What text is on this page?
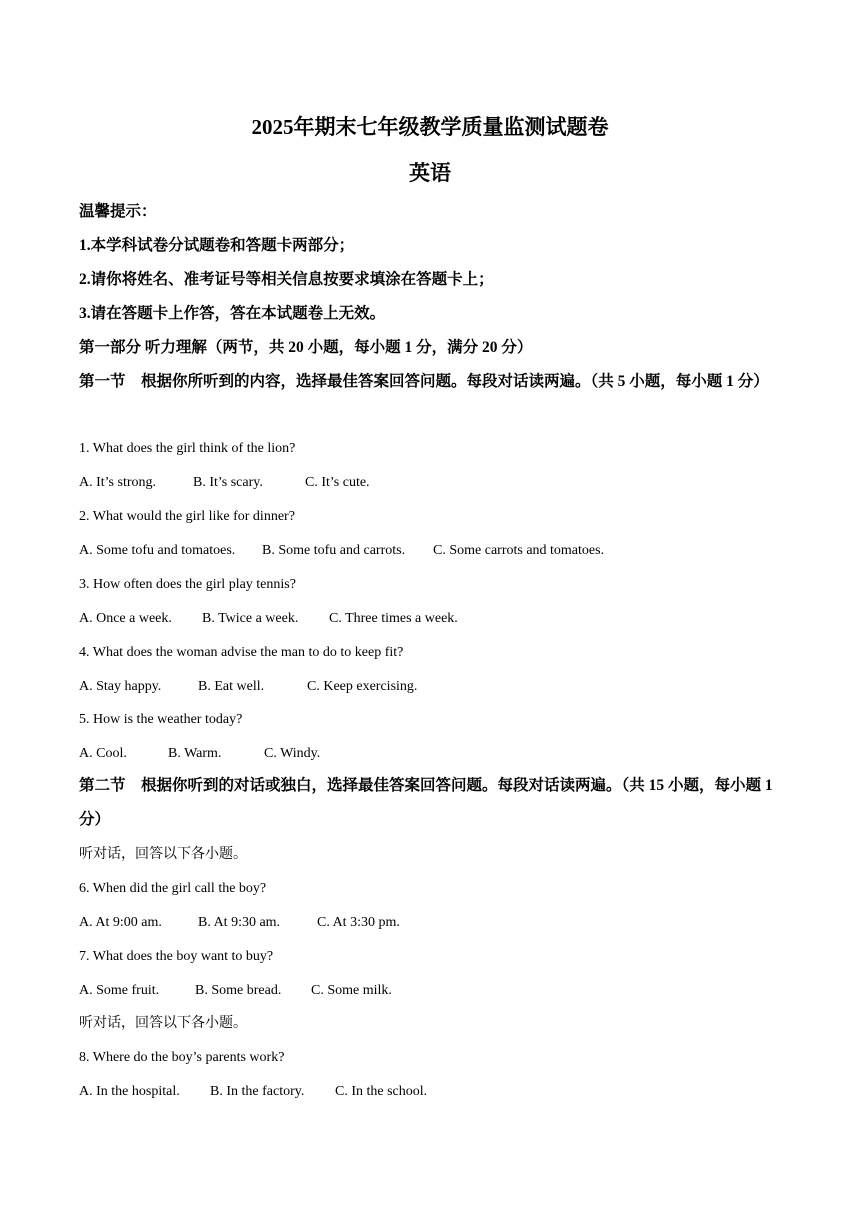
2025年期末七年级教学质量监测试题卷
英语
温馨提示：
1.本学科试卷分试题卷和答题卡两部分；
2.请你将姓名、准考证号等相关信息按要求填涂在答题卡上；
3.请在答题卡上作答，答在本试题卷上无效。
第一部分 听力理解（两节，共 20 小题，每小题 1 分，满分 20 分）
第一节　根据你所听到的内容，选择最佳答案回答问题。每段对话读两遍。（共 5 小题，每小题 1 分）
1. What does the girl think of the lion?
A. It’s strong.	B. It’s scary.	C. It’s cute.
2. What would the girl like for dinner?
A. Some tofu and tomatoes. B. Some tofu and carrots. C. Some carrots and tomatoes.
3. How often does the girl play tennis?
A. Once a week. B. Twice a week. C. Three times a week.
4. What does the woman advise the man to do to keep fit?
A. Stay happy.	B. Eat well.	C. Keep exercising.
5. How is the weather today?
A. Cool.	B. Warm.	C. Windy.
第二节　根据你听到的对话或独白，选择最佳答案回答问题。每段对话读两遍。（共 15 小题，每小题 1 分）
听对话，回答以下各小题。
6. When did the girl call the boy?
A. At 9:00 am.	B. At 9:30 am.	C. At 3:30 pm.
7. What does the boy want to buy?
A. Some fruit.	B. Some bread. C. Some milk.
听对话，回答以下各小题。
8. Where do the boy’s parents work?
A. In the hospital. B. In the factory. C. In the school.
